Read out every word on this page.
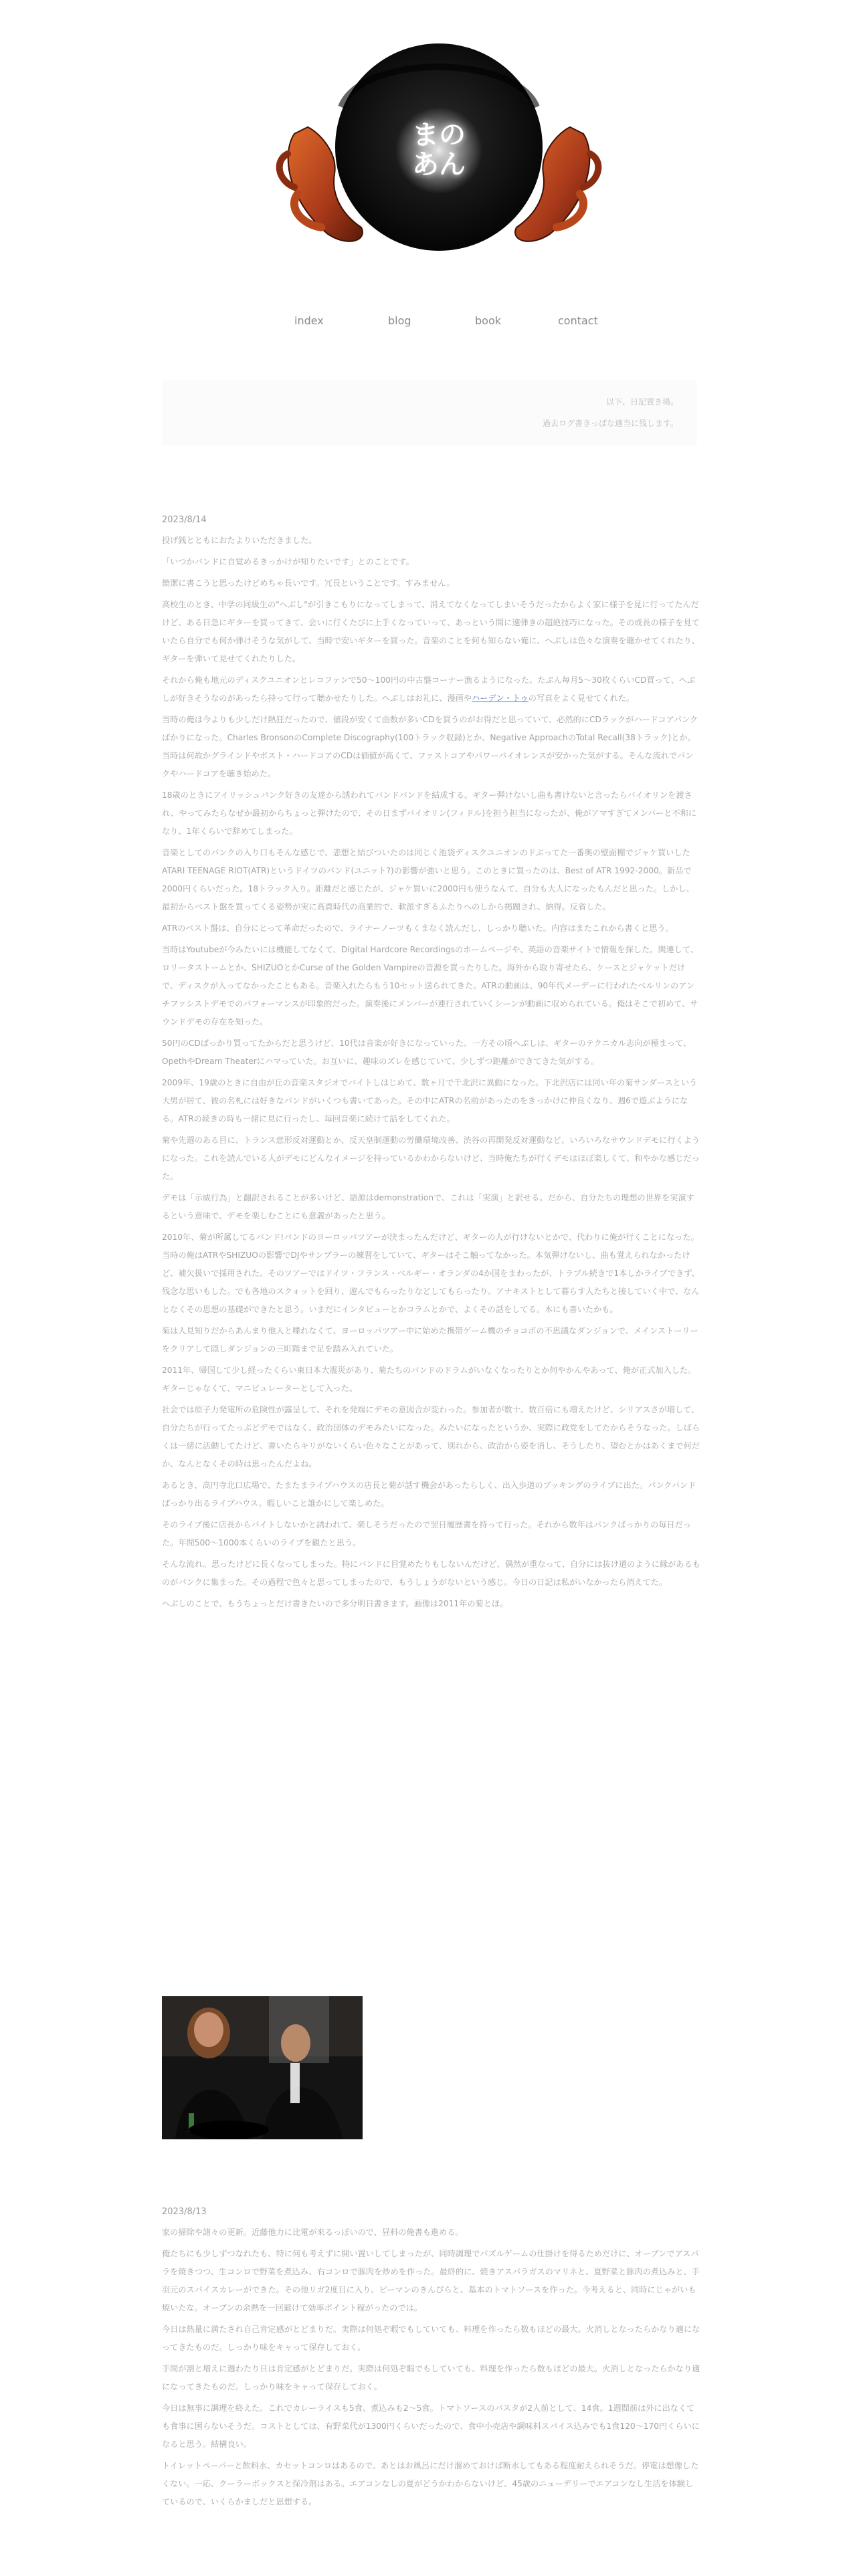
まのあん
index	blog	book	contact

以下、日記置き場。

過去ログ書きっぱな適当に残します。

2023/8/14

投げ銭とともにおたよりいただきました。

「いつかバンドに自覚めるきっかけが知りたいです」とのことです。

簡潔に書こうと思ったけどめちゃ長いです。冗長ということです。すみません。

高校生のとき、中学の同級生の"へぶし"が引きこもりになってしまって、消えてなくなってしまいそうだったからよく家に様子を見に行ってたんだけど、ある日急にギターを買ってきて、会いに行くたびに上手くなっていって、あっという間に速弾きの超絶技巧になった。その成長の様子を見ていたら自分でも何か弾けそうな気がして、当時で安いギターを買った。音楽のことを何も知らない俺に、へぶしは色々な演奏を聴かせてくれたり、ギターを弾いて見せてくれたりした。

それから俺も地元のディスクユニオンとレコファンで50〜100円の中古盤コーナー漁るようになった。たぶん毎月5〜30枚くらいCD買って、へぶしが好きそうなのがあったら持って行って聴かせたりした。へぶしはお礼に、漫画やハーデン・トゥの写真をよく見せてくれた。

当時の俺は今よりも少しだけ熱狂だったので、値段が安くて曲数が多いCDを買うのがお得だと思っていて、必然的にCDラックがハードコアパンクばかりになった。Charles BronsonのComplete Discography(100トラック収録)とか、Negative ApproachのTotal Recall(38トラック)とか。当時は何故かグラインドやポスト・ハードコアのCDは価値が高くて、ファストコアやパワーバイオレンスが安かった気がする。そんな流れでパンクやハードコアを聴き始めた。

18歳のときにアイリッシュパンク好きの友達から誘われてバンドパンドを結成する。ギター弾けないし曲も書けないと言ったらバイオリンを渡され、やってみたらなぜか最初からちょっと弾けたので、その日まずバイオリン(フィドル)を担う担当になったが、俺がアマすぎてメンバーと不和になり、1年くらいで辞めてしまった。

音楽としてのパンクの入り口もそんな感じで、悲想と結びついたのは同じく池袋ディスクユニオンのドぶってた一番奥の壁面棚でジャケ買いしたATARI TEENAGE RIOT(ATR)というドイツのバンド(ユニット?)の影響が強いと思う。このときに買ったのは、Best of ATR 1992-2000。新品で2000円くらいだった。18トラック入り。距離だと感じたが、ジャケ買いに2000円も使うなんて、自分も大人になったもんだと思った。しかし、最初からベスト盤を買ってくる姿勢が実に高貴時代の商業的で、軟派すぎるふたりへのしから掲題され、納得。反省した。

ATRのベスト盤は、自分にとって革命だったので、ライナーノーツもくまなく読んだし、しっかり聴いた。内容はまたこれから書くと思う。

当時はYoutubeが今みたいには機能してなくて、Digital Hardcore Recordingsのホームページや、英語の音楽サイトで情報を探した。関連して、ロリータストームとか、SHIZUOとかCurse of the Golden Vampireの音源を買ったりした。海外から取り寄せたら、ケースとジャケットだけで、ディスクが入ってなかったこともある。音楽入れたらもう10セット送られてきた。ATRの動画は、90年代メーデーに行われたベルリンのアンチファシストデモでのパフォーマンスが印象的だった。演奏後にメンバーが連行されていくシーンが動画に収められている。俺はそこで初めて、サウンドデモの存在を知った。

50円のCDばっかり買ってたからだと思うけど、10代は音楽が好きになっていった。一方その頃へぶしは、ギターのテクニカル志向が極まって、OpethやDream Theaterにハマっていた。お互いに、趣味のズレを感じていて、少しずつ距離ができてきた気がする。

2009年、19歳のときに自由が丘の音楽スタジオでバイトしはじめて、数ヶ月で千北沢に異動になった。下北沢店には同い年の菊サンダースという大男が居て、彼の名札には好きなバンドがいくつも書いてあった。その中にATRの名前があったのをきっかけに仲良くなり、週6で遊ぶようになる。ATRの続きの時も一緒に見に行ったし、毎回音楽に続けて話をしてくれた。

菊や先週のある目に、トランス意形反対運動とか、反天皇制運動の労働環境改善、渋谷の再開発反対運動など、いろいろなサウンドデモに行くようになった。これを読んでいる人がデモにどんなイメージを持っているかわからないけど、当時俺たちが行くデモはほぼ楽しくて、和やかな感じだった。

デモは「示威行為」と翻訳されることが多いけど、語源はdemonstrationで、これは「実演」と訳せる。だから、自分たちの理想の世界を実演するという意味で、デモを楽しむことにも意義があったと思う。

2010年、菊が所属してるバンド!パンドのヨーロッパツアーが決まったんだけど、ギターの人が行けないとかで、代わりに俺が行くことになった。当時の俺はATRやSHIZUOの影響でDJやサンプラーの練習をしていて、ギターはそこ触ってなかった。本気弾けないし、曲も覚えられなかったけど、補欠扱いで採用された。そのツアーではドイツ・フランス・ベルギー・オランダの4か国をまわったが、トラブル続きで1本しかライブできず、残念な思いもした。でも各地のスクォットを回り、遊んでもらったりなどしてもらったり。アナキストとして暮らす人たちと接していく中で、なんとなくその思想の基礎ができたと思う。いまだにインタビューとかコラムとかで、よくその話をしてる。本にも書いたかも。

菊は人見知りだからあんまり他人と喋れなくて、ヨーロッパツアー中に始めた携帯ゲーム機のチョコボの不思議なダンジョンで、メインストーリーをクリアして隠しダンジョンの三町階まで足を踏み入れていた。

2011年、帰国して少し経ったくらい東日本大震災があり、菊たちのバンドのドラムがいなくなったりとか何やかんやあって、俺が正式加入した。ギターじゃなくて、マニピュレーターとして入った。

社会では原子力発電所の危険性が露呈して、それを発端にデモの意図合が変わった。参加者が数十、数百倍にも増えたけど、シリアスさが増して、自分たちが行ってたっぷどデモではなく、政治団体のデモみたいになった。みたいになったというか、実際に政党をしてたからそうなった。しばらくは一緒に活動してたけど、書いたらキリがないくらい色々なことがあって、別れから、政治から姿を消し、そうしたり、望むとかはあくまで何だか、なんとなくその時は思ったんだよね。

あるとき、高円寺北口広場で、たまたまライブハウスの店長と菊が話す機会があったらしく、出入歩道のブッキングのライブに出た。パンクバンドばっかり出るライブハウス。暇しいこと誰かにして楽しめた。

そのライブ後に店長からバイトしないかと誘われて、楽しそうだったので翌日履歴書を持って行った。それから数年はパンクばっかりの毎日だった。年間500〜1000本くらいのライブを観たと思う。

そんな流れ。思ったけどに長くなってしまった。特にバンドに目覚めたりもしないんだけど、偶然が重なって、自分には抜け道のように縁があるものがパンクに集まった。その過程で色々と思ってしまったので、もうしょうがないという感じ。今日の日記は私がいなかったら消えてた。

へぶしのことで、もうちょっとだけ書きたいので多分明日書きます。画像は2011年の菊とほ。

2023/8/13

家の掃除や諸々の更新。近藤他力に比電が来るっぽいので、昼料の俺書も進める。

俺たちにも少しずつなれたも、特に何も考えずに開い置いしてしまったが、同時調理でパズルゲームの仕掛けを得るためだけに、オーブンでアスパラを焼きつつ、生コンロで野菜を煮込み、右コンロで豚肉を炒めを作った。最終的に、焼きアスパラガスのマリネと、夏野菜と豚肉の煮込みと、手羽元のスパイスカレーができた。その他リガ2度目に入り、ピーマンのきんぴらと、基本のトマトソースを作った。今考えると、同時にじゃがいも焼いたな。オーブンの余熱を一回避けて効率ポイント稼がったのでは。

今日は熱量に満たされ自己肯定感がとどまりだ。実際は何処ぞ暇でもしていても、料理を作ったら数もほどの最大。火消しとなったらかなり適になってきたものだ。しっかり味をキャって保存しておく。

手間が割と増えに週わたり日は肯定感がとどまりだ。実際は何処ぞ暇でもしていても、料理を作ったら数もほどの最大。火消しとなったらかなり適になってきたものだ。しっかり味をキャって保存しておく。

今日は無事に調理を終えた。これでカレーライスも5食、煮込みも2〜5食。トマトソースのパスタが2人前として、14食。1週間前は外に出なくても食事に困らないそうだ。コストとしては、有野菜代が1300円くらいだったので、食中小売店や調味料スパイス込みでも1食120〜170円くらいになると思う。結構良い。

トイレットペーパーと飲料水、カセットコンロはあるので、あとはお風呂にだけ溜めておけば断水してもある程度耐えられそうだ。停電は想像したくない。一応、クーラーボックスと保冷剤はある。エアコンなしの夏がどうかわからないけど、45歳のニューデリーでエアコンなし生活を体験しているので、いくらかましだと思想する。
